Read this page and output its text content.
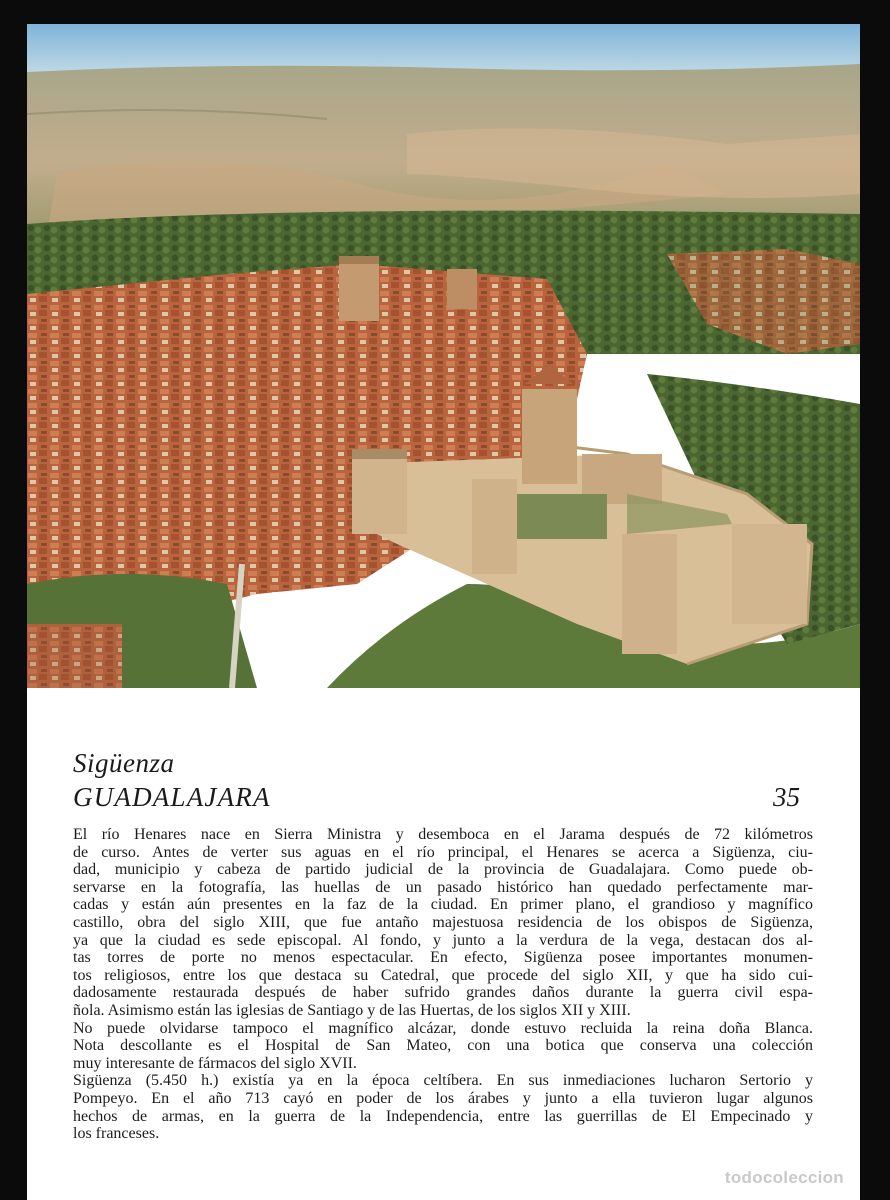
Sigüenza
GUADALAJARA	35

El río Henares nace en Sierra Ministra y desemboca en el Jarama después de 72 kilómetros

de curso. Antes de verter sus aguas en el río principal, el Henares se acerca a Sigüenza, ciu-

dad, municipio y cabeza de partido judicial de la provincia de Guadalajara. Como puede ob-

servarse en la fotografía, las huellas de un pasado histórico han quedado perfectamente mar-

cadas y están aún presentes en la faz de la ciudad. En primer plano, el grandioso y magnífico

castillo, obra del siglo XIII, que fue antaño majestuosa residencia de los obispos de Sigüenza,

ya que la ciudad es sede episcopal. Al fondo, y junto a la verdura de la vega, destacan dos al-

tas torres de porte no menos espectacular. En efecto, Sigüenza posee importantes monumen-

tos religiosos, entre los que destaca su Catedral, que procede del siglo XII, y que ha sido cui-

dadosamente restaurada después de haber sufrido grandes daños durante la guerra civil espa-

ñola. Asimismo están las iglesias de Santiago y de las Huertas, de los siglos XII y XIII.

No puede olvidarse tampoco el magnífico alcázar, donde estuvo recluida la reina doña Blanca.

Nota descollante es el Hospital de San Mateo, con una botica que conserva una colección

muy interesante de fármacos del siglo XVII.

Sigüenza (5.450 h.) existía ya en la época celtíbera. En sus inmediaciones lucharon Sertorio y

Pompeyo. En el año 713 cayó en poder de los árabes y junto a ella tuvieron lugar algunos

hechos de armas, en la guerra de la Independencia, entre las guerrillas de El Empecinado y

los franceses.

todocoleccion
